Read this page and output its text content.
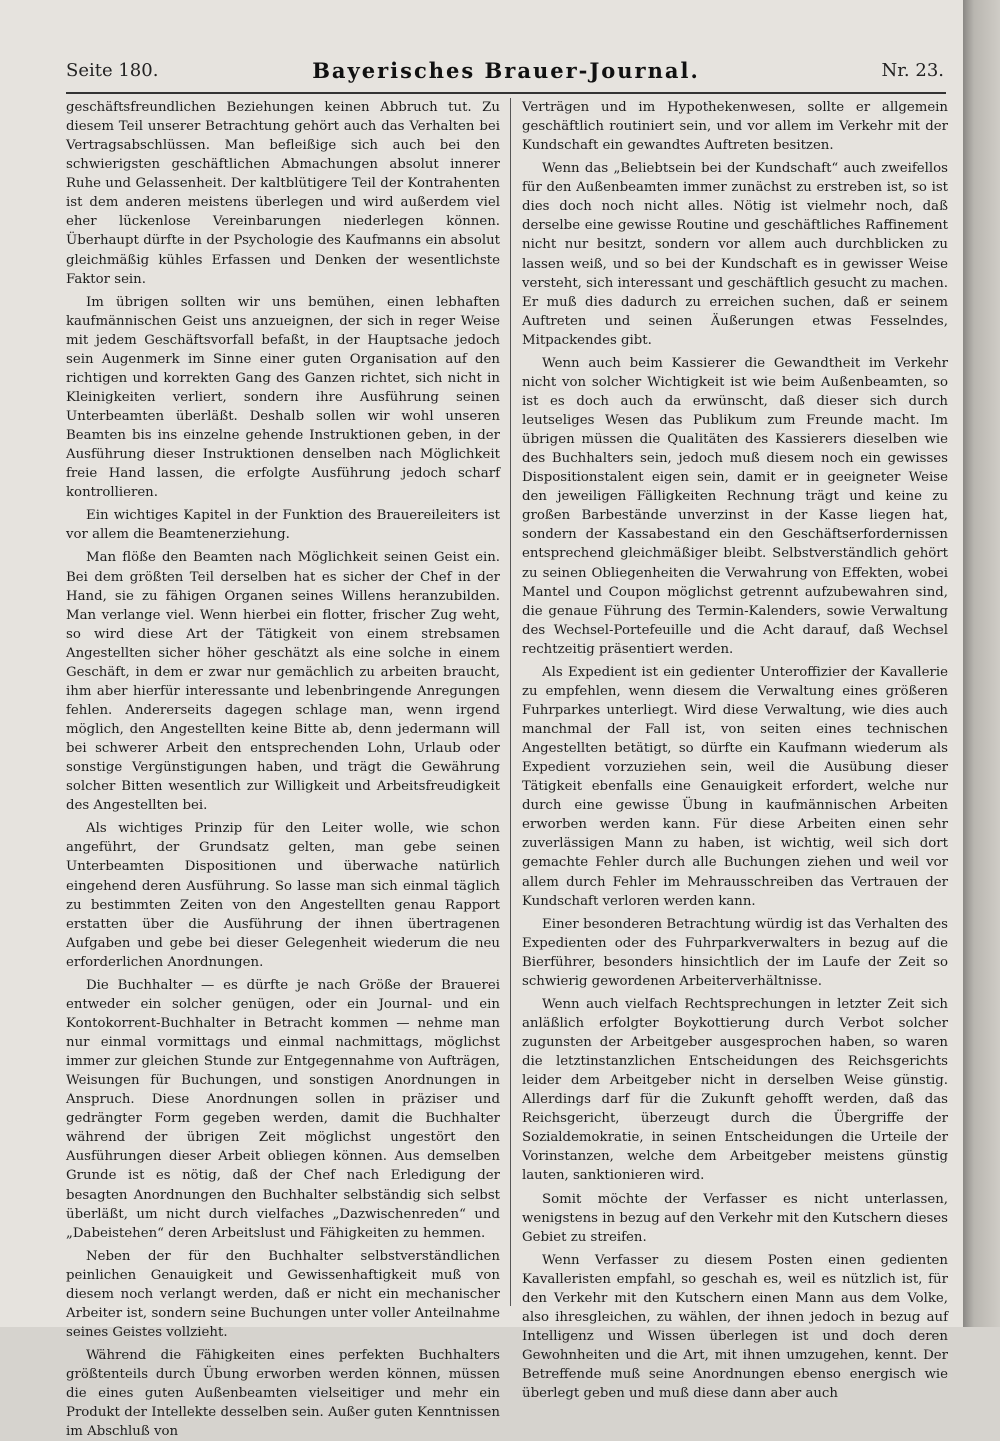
Seite 180.	Bayerisches Brauer-Journal.	Nr. 23.

geschäftsfreundlichen Beziehungen keinen Abbruch tut. Zu diesem Teil unserer Betrachtung gehört auch das Verhalten bei Vertragsabschlüssen. Man befleißige sich auch bei den schwierigsten geschäftlichen Abmachungen absolut innerer Ruhe und Gelassenheit. Der kaltblütigere Teil der Kontrahenten ist dem anderen meistens überlegen und wird außerdem viel eher lückenlose Vereinbarungen niederlegen können. Überhaupt dürfte in der Psychologie des Kaufmanns ein absolut gleichmäßig kühles Erfassen und Denken der wesentlichste Faktor sein.

Im übrigen sollten wir uns bemühen, einen lebhaften kaufmännischen Geist uns anzueignen, der sich in reger Weise mit jedem Geschäftsvorfall befaßt, in der Hauptsache jedoch sein Augenmerk im Sinne einer guten Organisation auf den richtigen und korrekten Gang des Ganzen richtet, sich nicht in Kleinigkeiten verliert, sondern ihre Ausführung seinen Unterbeamten überläßt. Deshalb sollen wir wohl unseren Beamten bis ins einzelne gehende Instruktionen geben, in der Ausführung dieser Instruktionen denselben nach Möglichkeit freie Hand lassen, die erfolgte Ausführung jedoch scharf kontrollieren.

Ein wichtiges Kapitel in der Funktion des Brauereileiters ist vor allem die Beamtenerziehung.

Man flöße den Beamten nach Möglichkeit seinen Geist ein. Bei dem größten Teil derselben hat es sicher der Chef in der Hand, sie zu fähigen Organen seines Willens heranzubilden. Man verlange viel. Wenn hierbei ein flotter, frischer Zug weht, so wird diese Art der Tätigkeit von einem strebsamen Angestellten sicher höher geschätzt als eine solche in einem Geschäft, in dem er zwar nur gemächlich zu arbeiten braucht, ihm aber hierfür interessante und lebenbringende Anregungen fehlen. Andererseits dagegen schlage man, wenn irgend möglich, den Angestellten keine Bitte ab, denn jedermann will bei schwerer Arbeit den entsprechenden Lohn, Urlaub oder sonstige Vergünstigungen haben, und trägt die Gewährung solcher Bitten wesentlich zur Willigkeit und Arbeitsfreudigkeit des Angestellten bei.

Als wichtiges Prinzip für den Leiter wolle, wie schon angeführt, der Grundsatz gelten, man gebe seinen Unterbeamten Dispositionen und überwache natürlich eingehend deren Ausführung. So lasse man sich einmal täglich zu bestimmten Zeiten von den Angestellten genau Rapport erstatten über die Ausführung der ihnen übertragenen Aufgaben und gebe bei dieser Gelegenheit wiederum die neu erforderlichen Anordnungen.

Die Buchhalter — es dürfte je nach Größe der Brauerei entweder ein solcher genügen, oder ein Journal- und ein Kontokorrent-Buchhalter in Betracht kommen — nehme man nur einmal vormittags und einmal nachmittags, möglichst immer zur gleichen Stunde zur Entgegennahme von Aufträgen, Weisungen für Buchungen, und sonstigen Anordnungen in Anspruch. Diese Anordnungen sollen in präziser und gedrängter Form gegeben werden, damit die Buchhalter während der übrigen Zeit möglichst ungestört den Ausführungen dieser Arbeit obliegen können. Aus demselben Grunde ist es nötig, daß der Chef nach Erledigung der besagten Anordnungen den Buchhalter selbständig sich selbst überläßt, um nicht durch vielfaches „Dazwischenreden“ und „Dabeistehen“ deren Arbeitslust und Fähigkeiten zu hemmen.

Neben der für den Buchhalter selbstverständlichen peinlichen Genauigkeit und Gewissenhaftigkeit muß von diesem noch verlangt werden, daß er nicht ein mechanischer Arbeiter ist, sondern seine Buchungen unter voller Anteilnahme seines Geistes vollzieht.

Während die Fähigkeiten eines perfekten Buchhalters größtenteils durch Übung erworben werden können, müssen die eines guten Außenbeamten vielseitiger und mehr ein Produkt der Intellekte desselben sein. Außer guten Kenntnissen im Abschluß von

Verträgen und im Hypothekenwesen, sollte er allgemein geschäftlich routiniert sein, und vor allem im Verkehr mit der Kundschaft ein gewandtes Auftreten besitzen.

Wenn das „Beliebtsein bei der Kundschaft“ auch zweifellos für den Außenbeamten immer zunächst zu erstreben ist, so ist dies doch noch nicht alles. Nötig ist vielmehr noch, daß derselbe eine gewisse Routine und geschäftliches Raffinement nicht nur besitzt, sondern vor allem auch durchblicken zu lassen weiß, und so bei der Kundschaft es in gewisser Weise versteht, sich interessant und geschäftlich gesucht zu machen. Er muß dies dadurch zu erreichen suchen, daß er seinem Auftreten und seinen Äußerungen etwas Fesselndes, Mitpackendes gibt.

Wenn auch beim Kassierer die Gewandtheit im Verkehr nicht von solcher Wichtigkeit ist wie beim Außenbeamten, so ist es doch auch da erwünscht, daß dieser sich durch leutseliges Wesen das Publikum zum Freunde macht. Im übrigen müssen die Qualitäten des Kassierers dieselben wie des Buchhalters sein, jedoch muß diesem noch ein gewisses Dispositionstalent eigen sein, damit er in geeigneter Weise den jeweiligen Fälligkeiten Rechnung trägt und keine zu großen Barbestände unverzinst in der Kasse liegen hat, sondern der Kassabestand ein den Geschäftserfordernissen entsprechend gleichmäßiger bleibt. Selbstverständlich gehört zu seinen Obliegenheiten die Verwahrung von Effekten, wobei Mantel und Coupon möglichst getrennt aufzubewahren sind, die genaue Führung des Termin-Kalenders, sowie Verwaltung des Wechsel-Portefeuille und die Acht darauf, daß Wechsel rechtzeitig präsentiert werden.

Als Expedient ist ein gedienter Unteroffizier der Kavallerie zu empfehlen, wenn diesem die Verwaltung eines größeren Fuhrparkes unterliegt. Wird diese Verwaltung, wie dies auch manchmal der Fall ist, von seiten eines technischen Angestellten betätigt, so dürfte ein Kaufmann wiederum als Expedient vorzuziehen sein, weil die Ausübung dieser Tätigkeit ebenfalls eine Genauigkeit erfordert, welche nur durch eine gewisse Übung in kaufmännischen Arbeiten erworben werden kann. Für diese Arbeiten einen sehr zuverlässigen Mann zu haben, ist wichtig, weil sich dort gemachte Fehler durch alle Buchungen ziehen und weil vor allem durch Fehler im Mehrausschreiben das Vertrauen der Kundschaft verloren werden kann.

Einer besonderen Betrachtung würdig ist das Verhalten des Expedienten oder des Fuhrparkverwalters in bezug auf die Bierführer, besonders hinsichtlich der im Laufe der Zeit so schwierig gewordenen Arbeiterverhältnisse.

Wenn auch vielfach Rechtsprechungen in letzter Zeit sich anläßlich erfolgter Boykottierung durch Verbot solcher zugunsten der Arbeitgeber ausgesprochen haben, so waren die letztinstanzlichen Entscheidungen des Reichsgerichts leider dem Arbeitgeber nicht in derselben Weise günstig. Allerdings darf für die Zukunft gehofft werden, daß das Reichsgericht, überzeugt durch die Übergriffe der Sozialdemokratie, in seinen Entscheidungen die Urteile der Vorinstanzen, welche dem Arbeitgeber meistens günstig lauten, sanktionieren wird.

Somit möchte der Verfasser es nicht unterlassen, wenigstens in bezug auf den Verkehr mit den Kutschern dieses Gebiet zu streifen.

Wenn Verfasser zu diesem Posten einen gedienten Kavalleristen empfahl, so geschah es, weil es nützlich ist, für den Verkehr mit den Kutschern einen Mann aus dem Volke, also ihresgleichen, zu wählen, der ihnen jedoch in bezug auf Intelligenz und Wissen überlegen ist und doch deren Gewohnheiten und die Art, mit ihnen umzugehen, kennt. Der Betreffende muß seine Anordnungen ebenso energisch wie überlegt geben und muß diese dann aber auch
